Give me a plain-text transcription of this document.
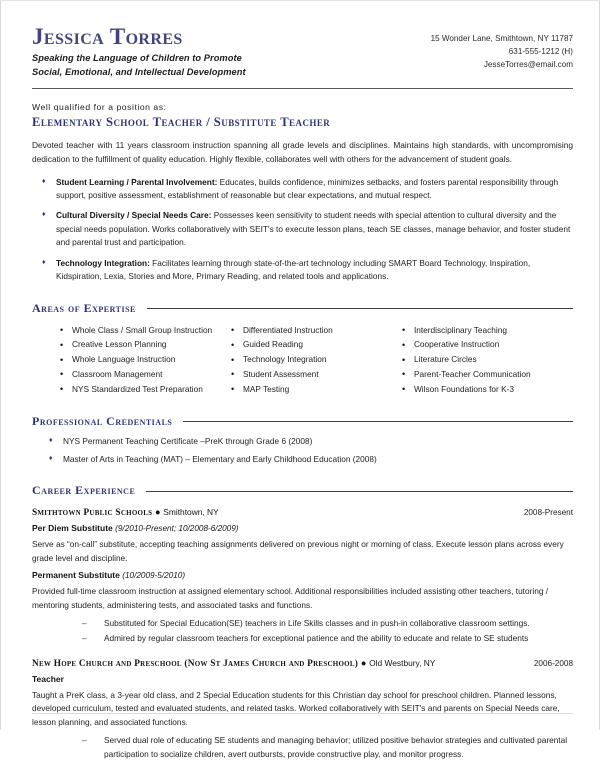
Jessica Torres
Speaking the Language of Children to Promote
Social, Emotional, and Intellectual Development
15 Wonder Lane, Smithtown, NY 11787
631-555-1212 (H)
JesseTorres@email.com
Well qualified for a position as:
Elementary School Teacher / Substitute Teacher
Devoted teacher with 11 years classroom instruction spanning all grade levels and disciplines. Maintains high standards, with uncompromising dedication to the fulfillment of quality education. Highly flexible, collaborates well with others for the advancement of student goals.
♦ Student Learning / Parental Involvement: Educates, builds confidence, minimizes setbacks, and fosters parental responsibility through support, positive assessment, establishment of reasonable but clear expectations, and mutual respect.
♦ Cultural Diversity / Special Needs Care: Possesses keen sensitivity to student needs with special attention to cultural diversity and the special needs population. Works collaboratively with SEIT's to execute lesson plans, teach SE classes, manage behavior, and foster student and parental trust and participation.
♦ Technology Integration: Facilitates learning through state-of-the-art technology including SMART Board Technology, Inspiration, Kidspiration, Lexia, Stories and More, Primary Reading, and related tools and applications.
Areas of Expertise
• Whole Class / Small Group Instruction
• Creative Lesson Planning
• Whole Language Instruction
• Classroom Management
• NYS Standardized Test Preparation
• Differentiated Instruction
• Guided Reading
• Technology Integration
• Student Assessment
• MAP Testing
• Interdisciplinary Teaching
• Cooperative Instruction
• Literature Circles
• Parent-Teacher Communication
• Wilson Foundations for K-3
Professional Credentials
♦ NYS Permanent Teaching Certificate –PreK through Grade 6 (2008)
♦ Master of Arts in Teaching (MAT) – Elementary and Early Childhood Education (2008)
Career Experience
Smithtown Public Schools ● Smithtown, NY	2008-Present
Per Diem Substitute (9/2010-Present; 10/2008-6/2009)
Serve as “on-call” substitute, accepting teaching assignments delivered on previous night or morning of class. Execute lesson plans across every grade level and discipline.
Permanent Substitute (10/2009-5/2010)
Provided full-time classroom instruction at assigned elementary school. Additional responsibilities included assisting other teachers, tutoring / mentoring students, administering tests, and associated tasks and functions.
– Substituted for Special Education(SE) teachers in Life Skills classes and in push-in collaborative classroom settings.
– Admired by regular classroom teachers for exceptional patience and the ability to educate and relate to SE students
New Hope Church and Preschool (Now St James Church and Preschool) ● Old Westbury, NY	2006-2008
Teacher
Taught a PreK class, a 3-year old class, and 2 Special Education students for this Christian day school for preschool children. Planned lessons, developed curriculum, tested and evaluated students, and related tasks. Worked collaboratively with SEIT's and parents on Special Needs care, lesson planning, and associated functions.
– Served dual role of educating SE students and managing behavior; utilized positive behavior strategies and cultivated parental participation to socialize children, avert outbursts, provide constructive play, and monitor progress.
